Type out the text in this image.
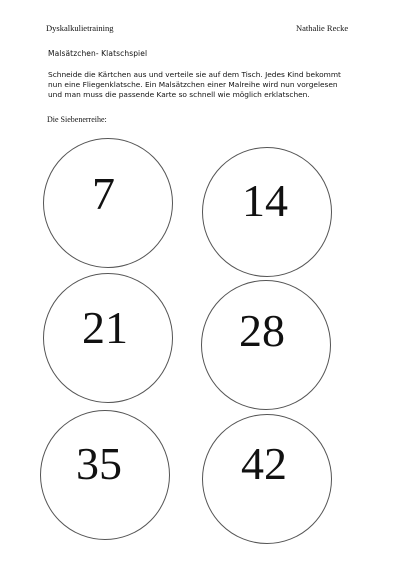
Dyskalkulietraining	Nathalie Recke
Malsätzchen- Klatschspiel
Schneide die Kärtchen aus und verteile sie auf dem Tisch. Jedes Kind bekommt
nun eine Fliegenklatsche. Ein Malsätzchen einer Malreihe wird nun vorgelesen
und man muss die passende Karte so schnell wie möglich erklatschen.
Die Siebenerreihe:
7	14
21 28
35	42
